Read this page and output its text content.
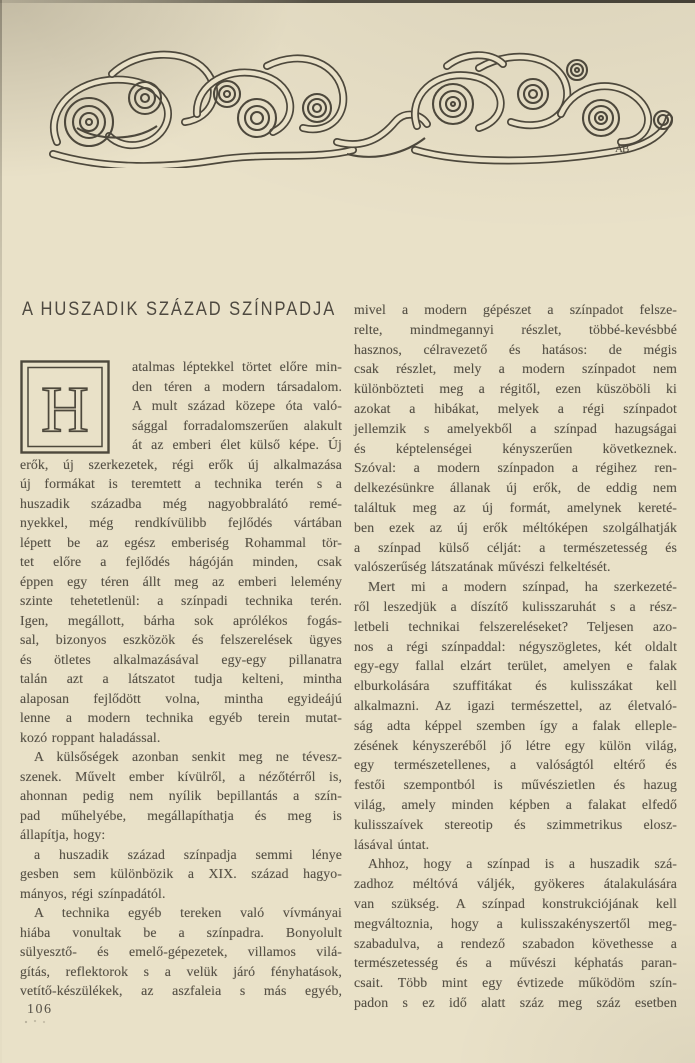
AB
A HUSZADIK SZÁZAD SZÍNPADJA
H
atalmas léptekkel törtet előre min-
den téren a modern társadalom.
A mult század közepe óta való-
sággal forradalomszerűen alakult
át az emberi élet külső képe. Új
erők, új szerkezetek, régi erők új alkalmazása
új formákat is teremtett a technika terén s a
huszadik századba még nagyobbralátó remé-
nyekkel, még rendkívülibb fejlődés vártában
lépett be az egész emberiség Rohammal tör-
tet előre a fejlődés hágóján minden, csak
éppen egy téren állt meg az emberi lelemény
szinte tehetetlenül: a színpadi technika terén.
Igen, megállott, bárha sok aprólékos fogás-
sal, bizonyos eszközök és felszerelések ügyes
és ötletes alkalmazásával egy-egy pillanatra
talán azt a látszatot tudja kelteni, mintha
alaposan fejlődött volna, mintha egyideájú
lenne a modern technika egyéb terein mutat-
kozó roppant haladással.
A külsőségek azonban senkit meg ne tévesz-
szenek. Művelt ember kívülről, a nézőtérről is,
ahonnan pedig nem nyílik bepillantás a szín-
pad műhelyébe, megállapíthatja és meg is
állapítja, hogy:
a huszadik század színpadja semmi lénye
gesben sem különbözik a XIX. század hagyo-
mányos, régi színpadától.
A technika egyéb tereken való vívmányai
hiába vonultak be a színpadra. Bonyolult
sülyesztő- és emelő-gépezetek, villamos vilá-
gítás, reflektorok s a velük járó fényhatások,
vetítő-készülékek, az aszfaleia s más egyéb,
mivel a modern gépészet a színpadot felsze-
relte, mindmegannyi részlet, többé-kevésbbé
hasznos, célravezető és hatásos: de mégis
csak részlet, mely a modern színpadot nem
különbözteti meg a régitől, ezen küszöböli ki
azokat a hibákat, melyek a régi színpadot
jellemzik s amelyekből a színpad hazugságai
és képtelenségei kényszerűen következnek.
Szóval: a modern színpadon a régihez ren-
delkezésünkre állanak új erők, de eddig nem
találtuk meg az új formát, amelynek kereté-
ben ezek az új erők méltóképen szolgálhatják
a színpad külső célját: a természetesség és
valószerűség látszatának művészi felkeltését.
Mert mi a modern színpad, ha szerkezeté-
ről leszedjük a díszítő kulisszaruhát s a rész-
letbeli technikai felszereléseket? Teljesen azo-
nos a régi színpaddal: négyszögletes, két oldalt
egy-egy fallal elzárt terület, amelyen e falak
elburkolására szuffitákat és kulisszákat kell
alkalmazni. Az igazi természettel, az életvaló-
ság adta képpel szemben így a falak elleple-
zésének kényszeréből jő létre egy külön világ,
egy természetellenes, a valóságtól eltérő és
festői szempontból is művészietlen és hazug
világ, amely minden képben a falakat elfedő
kulisszaívek stereotip és szimmetrikus elosz-
lásával úntat.
Ahhoz, hogy a színpad is a huszadik szá-
zadhoz méltóvá váljék, gyökeres átalakulására
van szükség. A színpad konstrukciójának kell
megváltoznia, hogy a kulisszakényszertől meg-
szabadulva, a rendező szabadon követhesse a
természetesség és a művészi képhatás paran-
csait. Több mint egy évtizede működöm szín-
padon s ez idő alatt száz meg száz esetben
106
